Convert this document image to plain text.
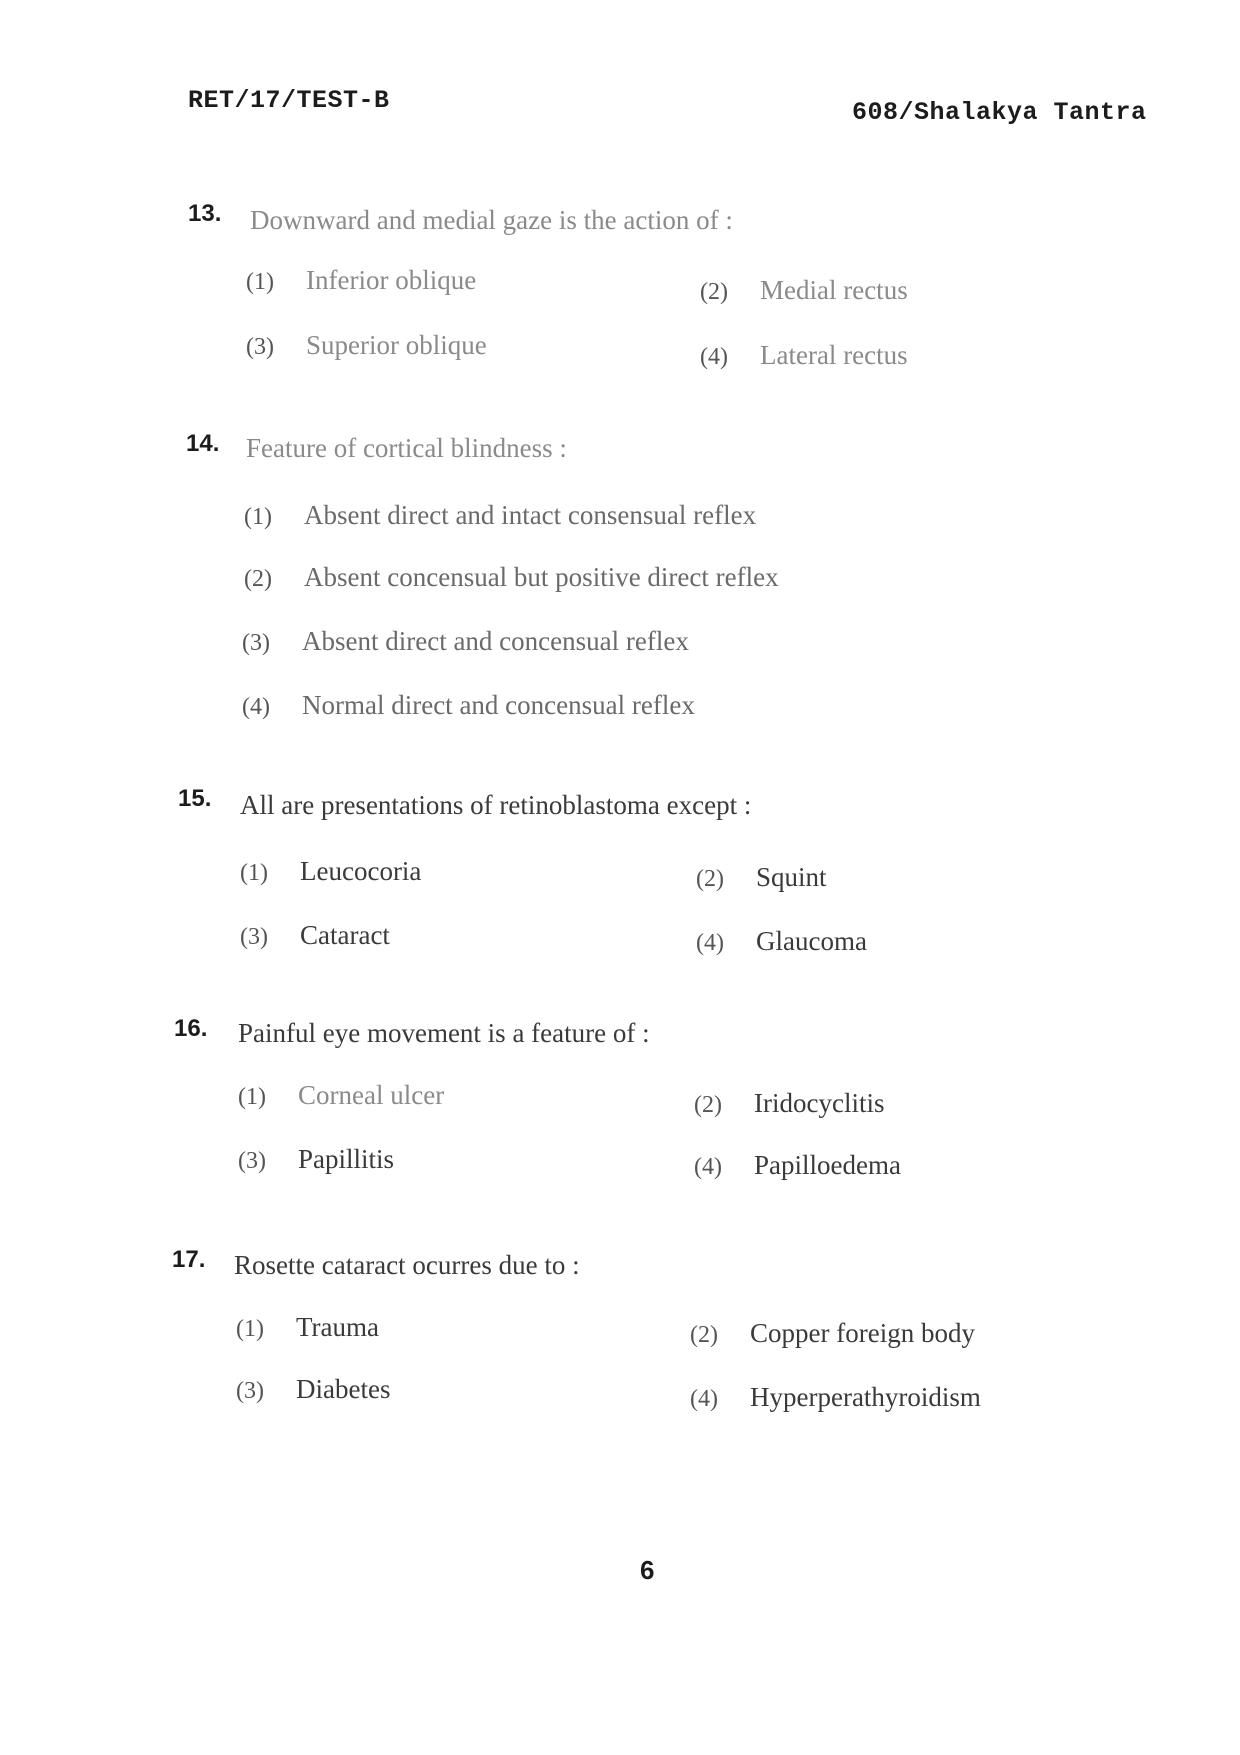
RET/17/TEST-B	608/Shalakya Tantra
13. Downward and medial gaze is the action of :
(1) Inferior oblique	(2) Medial rectus
(3) Superior oblique	(4) Lateral rectus
14. Feature of cortical blindness :
(1) Absent direct and intact consensual reflex
(2) Absent concensual but positive direct reflex
(3) Absent direct and concensual reflex
(4) Normal direct and concensual reflex
15. All are presentations of retinoblastoma except :
(1) Leucocoria	(2) Squint
(3) Cataract	(4) Glaucoma
16. Painful eye movement is a feature of :
(1) Corneal ulcer	(2) Iridocyclitis
(3) Papillitis	(4) Papilloedema
17. Rosette cataract ocurres due to :
(1) Trauma	(2) Copper foreign body
(3) Diabetes	(4) Hyperperathyroidism
6
